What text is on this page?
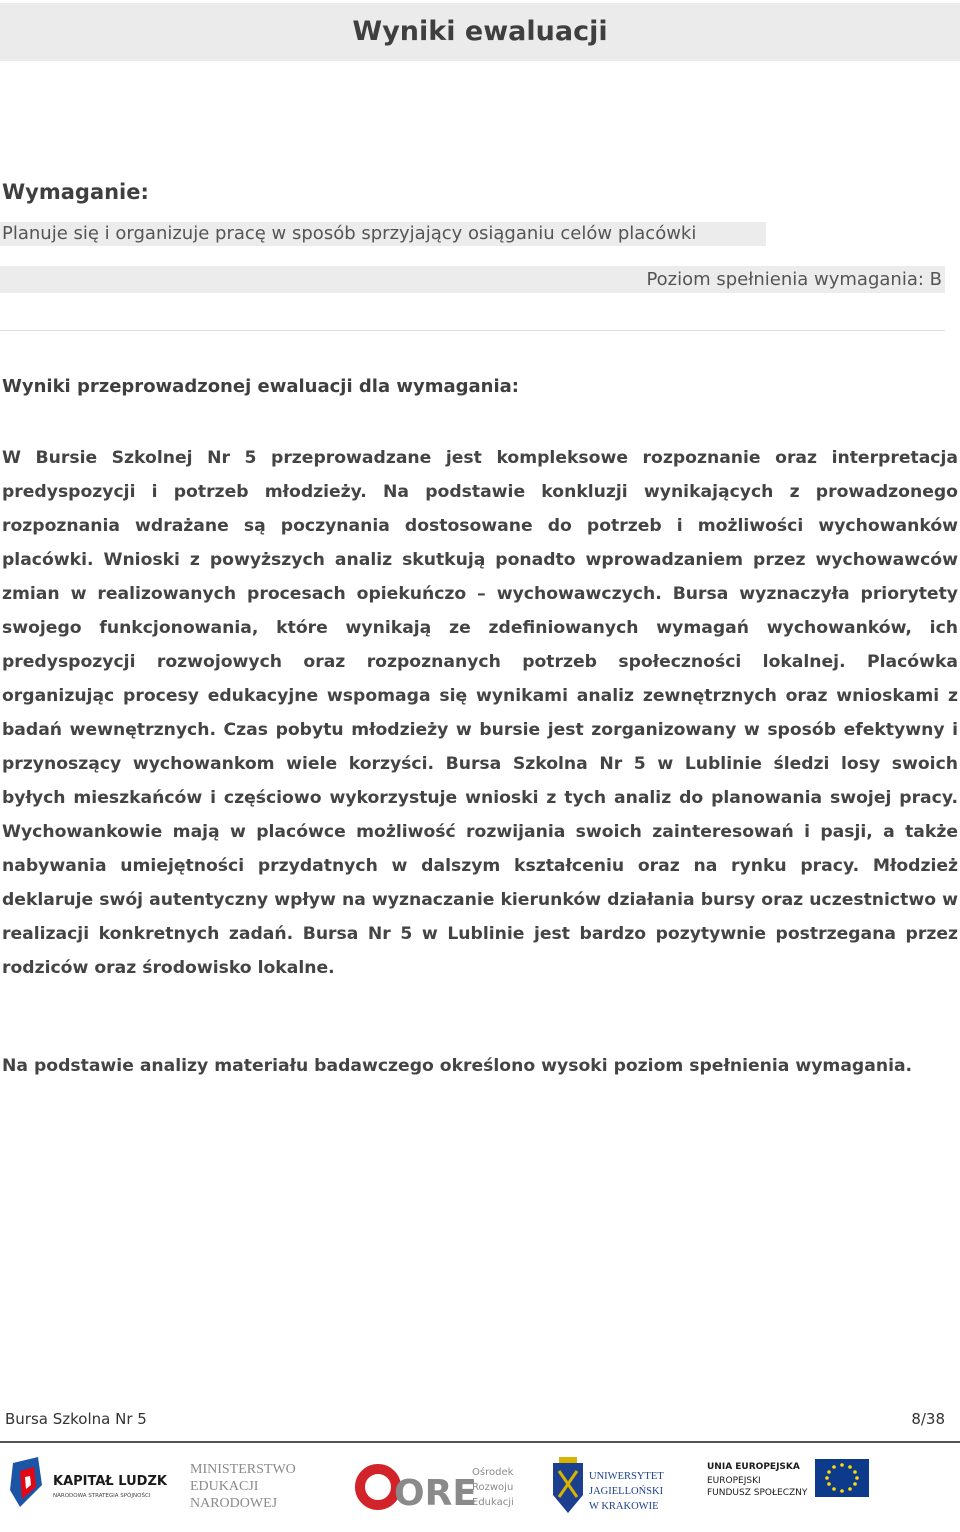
Wyniki ewaluacji
Wymaganie:
Planuje się i organizuje pracę w sposób sprzyjający osiąganiu celów placówki
Poziom spełnienia wymagania: B
Wyniki przeprowadzonej ewaluacji dla wymagania:

W Bursie Szkolnej Nr 5 przeprowadzane jest kompleksowe rozpoznanie oraz interpretacja predyspozycji i potrzeb młodzieży. Na podstawie konkluzji wynikających z prowadzonego rozpoznania wdrażane są poczynania dostosowane do potrzeb i możliwości wychowanków placówki. Wnioski z powyższych analiz skutkują ponadto wprowadzaniem przez wychowawców zmian w realizowanych procesach opiekuńczo – wychowawczych. Bursa wyznaczyła priorytety swojego funkcjonowania, które wynikają ze zdefiniowanych wymagań wychowanków, ich predyspozycji rozwojowych oraz rozpoznanych potrzeb społeczności lokalnej. Placówka organizując procesy edukacyjne wspomaga się wynikami analiz zewnętrznych oraz wnioskami z badań wewnętrznych. Czas pobytu młodzieży w bursie jest zorganizowany w sposób efektywny i przynoszący wychowankom wiele korzyści. Bursa Szkolna Nr 5 w Lublinie śledzi losy swoich byłych mieszkańców i częściowo wykorzystuje wnioski z tych analiz do planowania swojej pracy. Wychowankowie mają w placówce możliwość rozwijania swoich zainteresowań i pasji, a także nabywania umiejętności przydatnych w dalszym kształceniu oraz na rynku pracy. Młodzież deklaruje swój autentyczny wpływ na wyznaczanie kierunków działania bursy oraz uczestnictwo w realizacji konkretnych zadań. Bursa Nr 5 w Lublinie jest bardzo pozytywnie postrzegana przez rodziców oraz środowisko lokalne.

Na podstawie analizy materiału badawczego określono wysoki poziom spełnienia wymagania.

Bursa Szkolna Nr 5	8/38
KAPITAŁ LUDZKI
NARODOWA STRATEGIA SPÓJNOŚCI
MINISTERSTWO
EDUKACJI
NARODOWEJ	ORE
Ośrodek
Rozwoju
Edukacji
UNIWERSYTET
JAGIELLOŃSKI
W KRAKOWIE
UNIA EUROPEJSKA
EUROPEJSKI
FUNDUSZ SPOŁECZNY
